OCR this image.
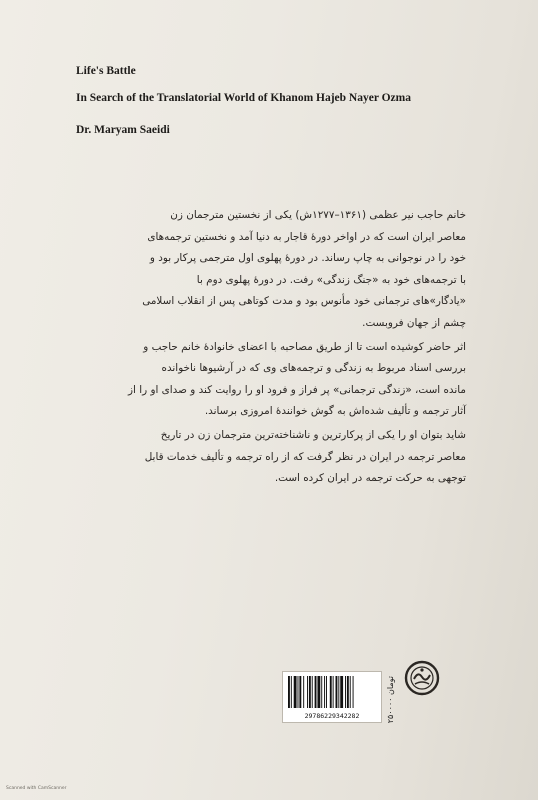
Life's Battle
In Search of the Translatorial World of Khanom Hajeb Nayer Ozma
Dr. Maryam Saeidi

خانم حاجب نیر عظمی (۱۳۶۱–۱۲۷۷ش) یکی از نخستین مترجمان زن
معاصر ایران است که در اواخر دورهٔ قاجار به دنیا آمد و نخستین ترجمه‌های
خود را در نوجوانی به چاپ رساند. در دورهٔ پهلوی اول مترجمی پرکار بود و
با ترجمه‌های خود به «جنگ زندگی» رفت. در دورهٔ پهلوی دوم با
«یادگار»های ترجمانی خود مأنوس بود و مدت کوتاهی پس از انقلاب اسلامی
چشم از جهان فروبست.

اثر حاضر کوشیده است تا از طریق مصاحبه با اعضای خانوادهٔ خانم حاجب و
بررسی اسناد مربوط به زندگی و ترجمه‌های وی که در آرشیوها ناخوانده
مانده است، «زندگی ترجمانی» پر فراز و فرود او را روایت کند و صدای او را از
آثار ترجمه و تألیف شده‌اش به گوش خوانندهٔ امروزی برساند.

شاید بتوان او را یکی از پرکارترین و ناشناخته‌ترین مترجمان زن در تاریخ
معاصر ترجمه در ایران در نظر گرفت که از راه ترجمه و تألیف خدمات قابل
توجهی به حرکت ترجمه در ایران کرده است.

29786229342282	۲۵۰۰۰۰ تومان
Scanned with CamScanner
